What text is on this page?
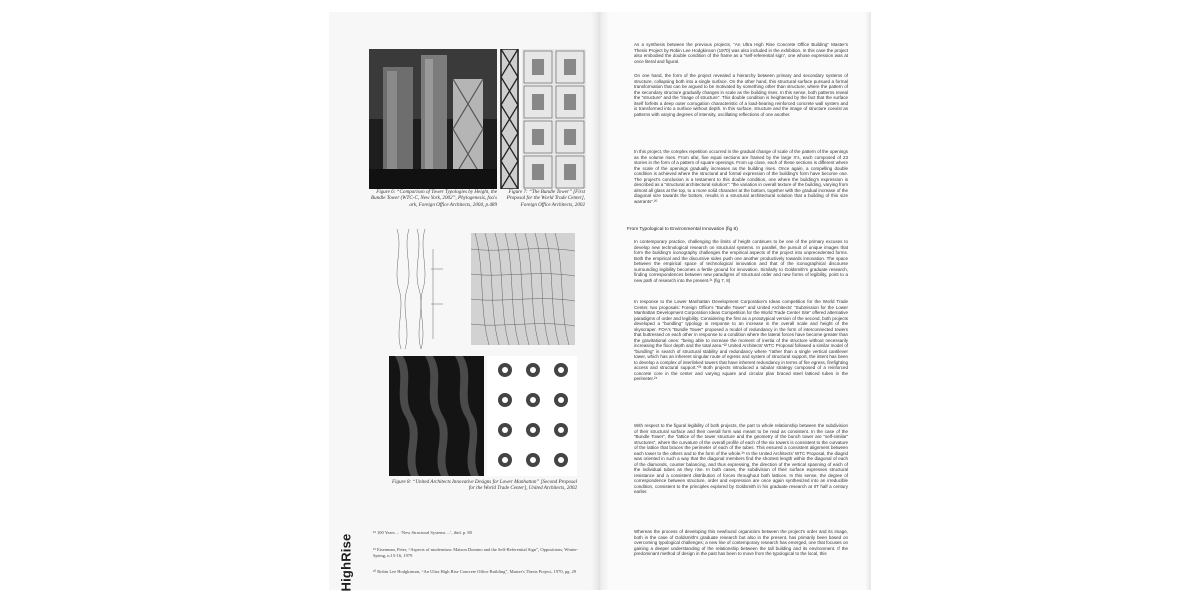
Figure 6: “Comparison of Tower Typologies by Height, the Bundle Tower (WTC-C, New York, 2002”, Phylogenesis, foa's ark, Foreign Office Architects, 2004, p.489
Figure 7: “The Bundle Tower” [First Proposal for the World Trade Center], Foreign Office Architects, 2002
Figure 8: “United Architects Innovative Designs for Lower Manhattan” [Second Proposal for the World Trade Center], United Architects, 2002
¹⁸ 100 Years ... ‘New Structural Systems ...’, ibid. p. 80
¹⁹ Eisenman, Peter, “Aspects of modernism: Maison Domino and the Self-Referential Sign”, Oppositions, Winter-Spring, n.15-16, 1979
²⁰ Robin Lee Hodgkinson, “An Ultra High Rise Concrete Office Building”, Master's Thesis Project, 1970, pg. 29
HighRise
As a synthesis between the previous projects, “An Ultra High Rise Concrete Office Building” Master's Thesis Project by Robin Lee Hodgkinson (1970) was also included in the exhibition. In this case the project also embodied the double condition of the frame as a “self-referential sign”, one whose expression was at once literal and figural.
On one hand, the form of the project revealed a hierarchy between primary and secondary systems of structure, collapsing both into a single surface. On the other hand, this structural surface pursued a formal transformation that can be argued to be motivated by something other than structure, where the pattern of the secondary structure gradually changes in scale as the building rises. In this sense, both patterns reveal the “structure” and the “image of structure”. This double condition is heightened by the fact that the surface itself forfeits a deep outer corrugation characteristic of a load-bearing reinforced concrete wall system and is transformed into a surface without depth. In this surface, structure and the image of structure coexist as patterns with varying degrees of intensity, oscillating reflections of one another.
In this project, the complex repetition occurred in the gradual change of scale of the pattern of the openings as the volume rises. From afar, five equal sections are framed by the large X's, each composed of 23 stories in the form of a pattern of square openings. From up close, each of these sections is different where the scale of the openings gradually increases as the building rises. Once again, a compelling double condition is achieved where the structural and formal expression of the building's form have become one. The project's conclusion is a testament to this double condition, one where the building's expression is described as a “structural architectural solution”: “the variation in overall texture of the building, varying from almost all glass at the top, to a more solid character at the bottom, together with the gradual increase of the diagonal size towards the bottom, results in a structural architectural solution that a building of this size warrants”.²⁰
From Typological to Environmental Innovation (fig 8)
In contemporary practice, challenging the limits of height continues to be one of the primary excuses to develop new technological research on structural systems. In parallel, the pursuit of unique images that form the building's iconography challenges the empirical aspects of the project into unprecedented forms. Both the empirical and the discursive sides push one another productively towards innovation. The space between the empirical space of technological innovation and that of the iconographical discourse surrounding legibility becomes a fertile ground for innovation. Similarly to Goldsmith's graduate research, finding correspondences between new paradigms of structural order and new forms of legibility, point to a new path of research into the present.²¹ (fig 7, 8)
In response to the Lower Manhattan Development Corporation's Ideas competition for the World Trade Center, two proposals: Foreign Office's “Bundle Tower” and United Architects' “Submission for the Lower Manhattan Development Corporation Ideas Competition for the World Trade Center Site” offered alternative paradigms of order and legibility. Considering the first as a prototypical version of the second, both projects developed a “bundling” typology in response to an increase in the overall scale and height of the skyscraper. FOA's “Bundle Tower” proposed a model of redundancy in the form of interconnected towers that buttressed on each other in response to a condition where the lateral forces have become greater than the gravitational ones: “being able to increase the moment of inertia of the structure without necessarily increasing the floor depth and the total area.”²² United Architects' WTC Proposal followed a similar model of “bundling” in search of structural stability and redundancy where “rather than a single vertical cantilever tower, which has an inherent singular route of egress and system of structural support, the intent has been to develop a complex of interlinked towers that have inherent redundancy in terms of fire egress, firefighting access and structural support.”²³ Both projects introduced a tubular strategy composed of a reinforced concrete core in the center and varying square and circular plan braced steel latticed tubes in the perimeter.²⁴
With respect to the figural legibility of both projects, the part to whole relationship between the subdivision of their structural surface and their overall form was meant to be read as consistent. In the case of the “Bundle Tower”, the “lattice of the tower structure and the geometry of the bunch tower are “self-similar” structures”, where the curvature of the overall profile of each of the six towers is consistent to the curvature of the lattice that braces the perimeter of each of the tubes. This ensured a consistent alignment between each tower to the others and to the form of the whole.²⁵ In the United Architects' WTC Proposal, the diagrid was oriented in such a way that the diagonal members find the shortest length within the diagonal of each of the diamonds, counter balancing, and thus expressing, the direction of the vertical spanning of each of the individual tubes as they rise. In both cases, the subdivision of their surface expresses structural resistance and a consistent distribution of forces throughout both lattices. In this sense, the degree of correspondence between structure, order and expression are once again synthesized into an irreducible condition, consistent to the principles explored by Goldsmith in his graduate research at IIT half a century earlier.
Whereas the process of developing this newfound organicism between the project's order and its image, both in the case of Goldsmith's graduate research but also in the present, has primarily been based on overcoming typological challenges; a new line of contemporary research has emerged, one that focuses on gaining a deeper understanding of the relationship between the tall building and its environment. If the predominant method of design in the past has been to move from the typological to the local, this
